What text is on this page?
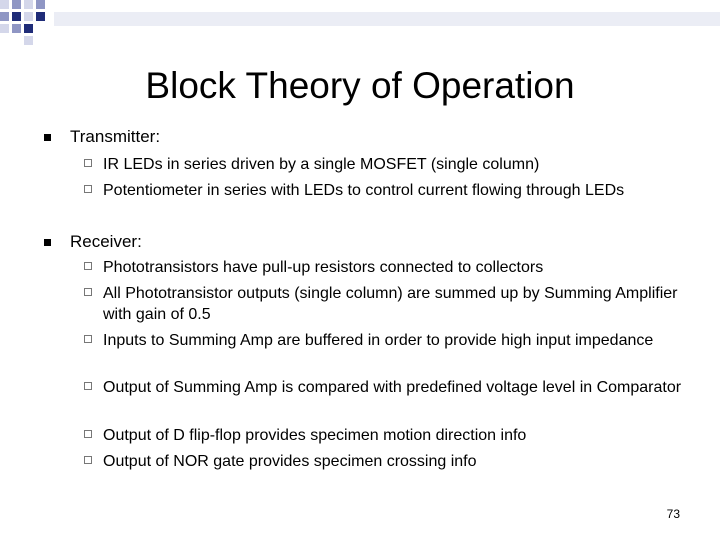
Block Theory of Operation
Transmitter:
IR LEDs in series driven by a single MOSFET (single column)
Potentiometer in series with LEDs to control current flowing through LEDs
Receiver:
Phototransistors have pull-up resistors connected to collectors
All Phototransistor outputs (single column) are summed up by Summing Amplifier with gain of 0.5
Inputs to Summing Amp are buffered in order to provide high input impedance
Output of Summing Amp is compared with predefined voltage level in Comparator
Output of D flip-flop provides specimen motion direction info
Output of NOR gate provides specimen crossing info
73
